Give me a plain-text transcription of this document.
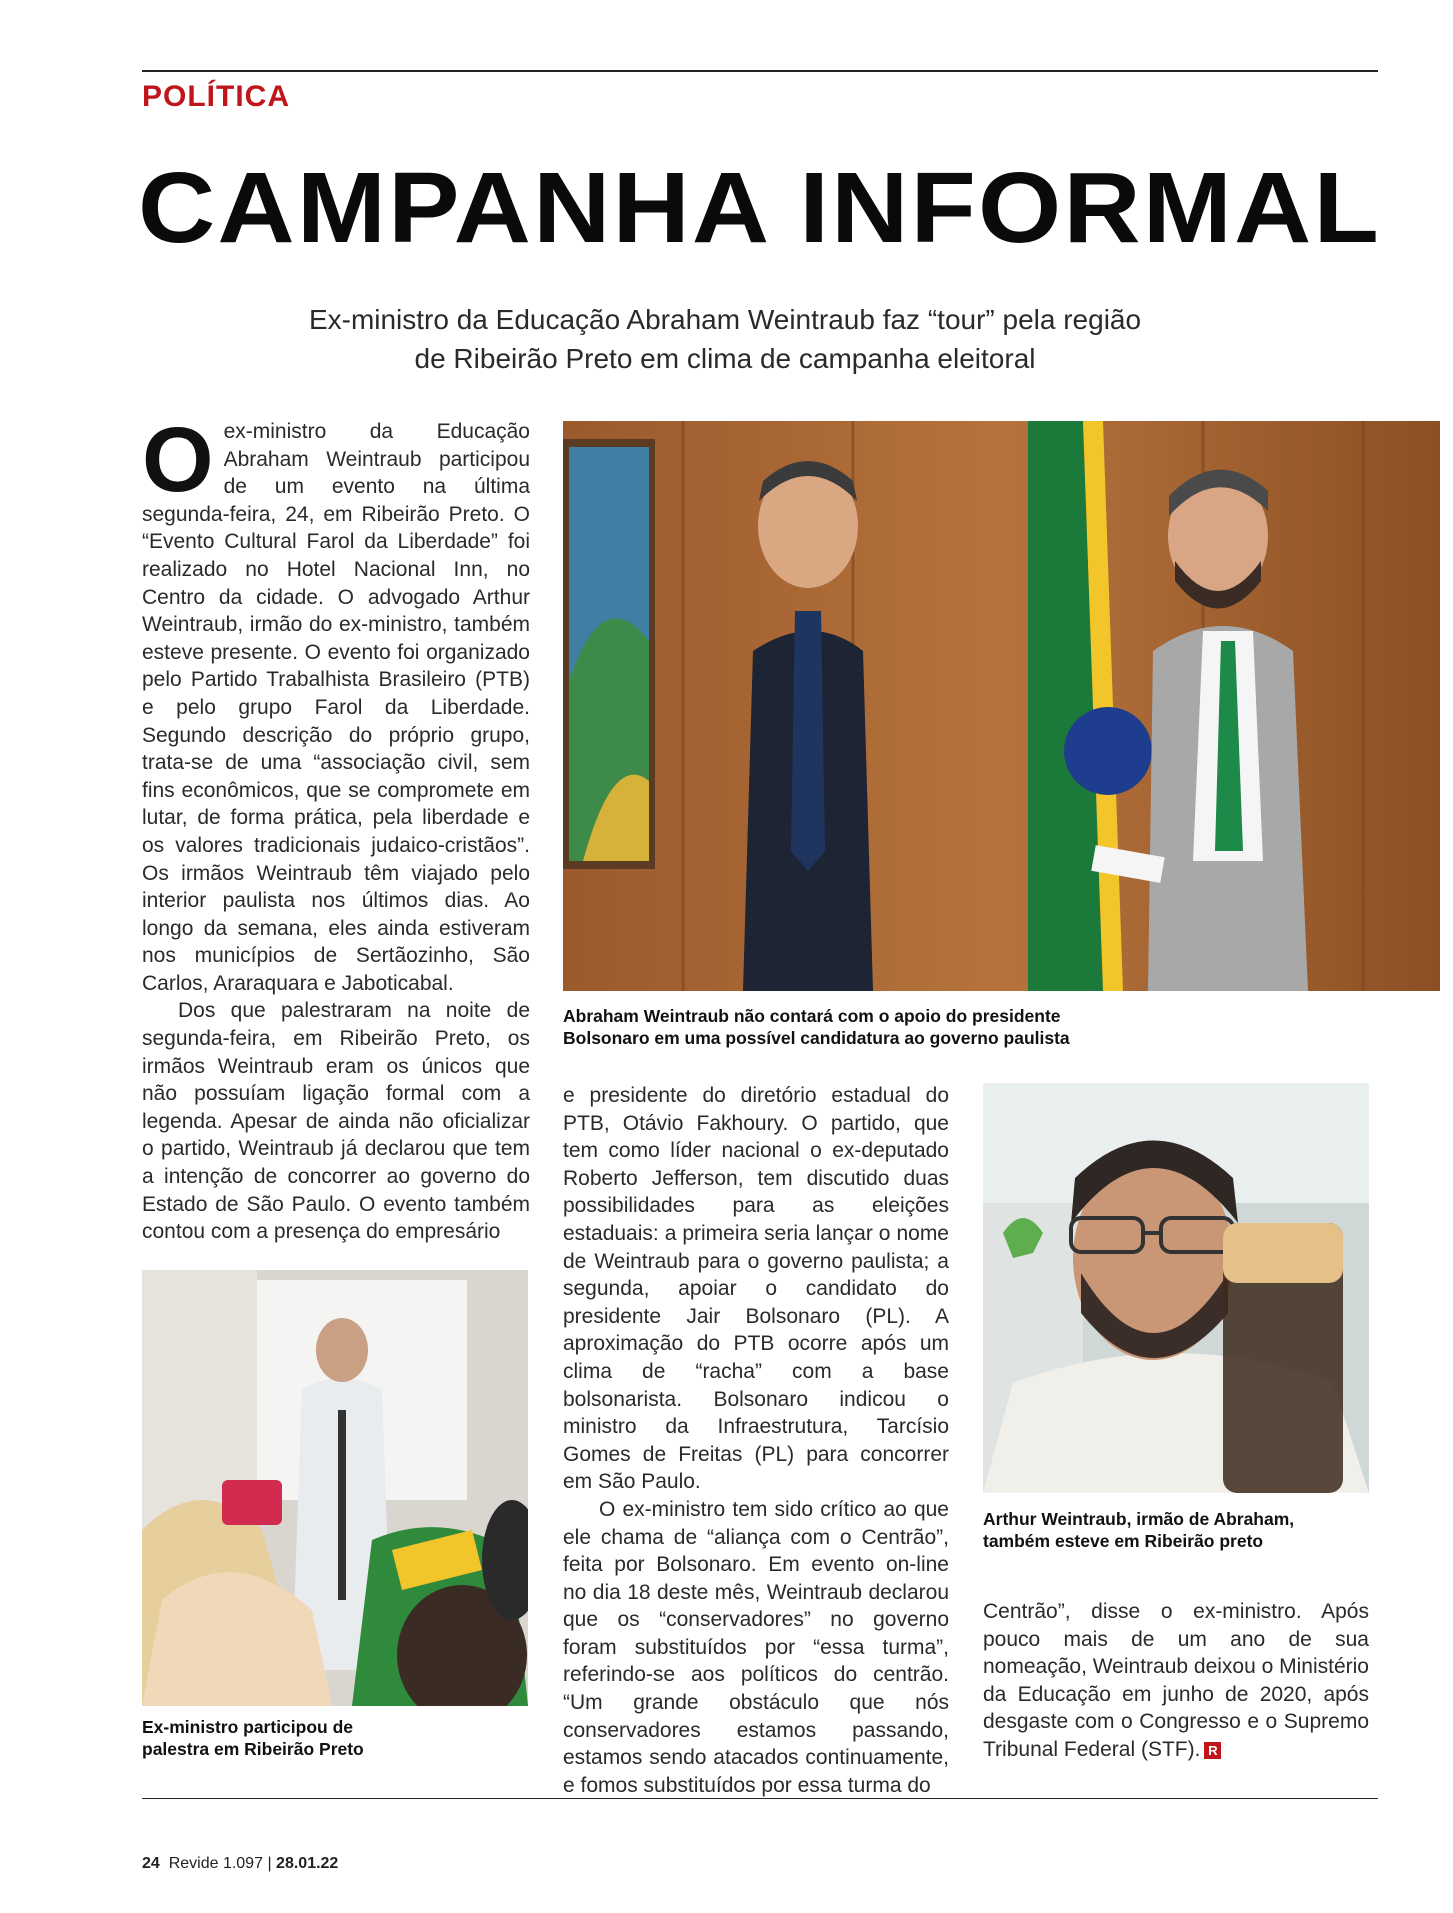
POLÍTICA
CAMPANHA INFORMAL
Ex-ministro da Educação Abraham Weintraub faz “tour” pela região de Ribeirão Preto em clima de campanha eleitoral

Oex-ministro da Educação Abraham Weintraub participou de um evento na última segunda-feira, 24, em Ribeirão Preto. O “Evento Cultural Farol da Liberdade” foi realizado no Hotel Nacional Inn, no Centro da cidade. O advogado Arthur Weintraub, irmão do ex-ministro, também esteve presente. O evento foi organizado pelo Partido Trabalhista Brasileiro (PTB) e pelo grupo Farol da Liberdade. Segundo descrição do próprio grupo, trata-se de uma “associação civil, sem fins econômicos, que se compromete em lutar, de forma prática, pela liberdade e os valores tradicionais judaico-cristãos”. Os irmãos Weintraub têm viajado pelo interior paulista nos últimos dias. Ao longo da semana, eles ainda estiveram nos municípios de Sertãozinho, São Carlos, Araraquara e Jaboticabal.

Dos que palestraram na noite de segunda-feira, em Ribeirão Preto, os irmãos Weintraub eram os únicos que não possuíam ligação formal com a legenda. Apesar de ainda não oficializar o partido, Weintraub já declarou que tem a intenção de concorrer ao governo do Estado de São Paulo. O evento também contou com a presença do empresário

Abraham Weintraub não contará com o apoio do presidente Bolsonaro em uma possível candidatura ao governo paulista

e presidente do diretório estadual do PTB, Otávio Fakhoury. O partido, que tem como líder nacional o ex-deputado Roberto Jefferson, tem discutido duas possibilidades para as eleições estaduais: a primeira seria lançar o nome de Weintraub para o governo paulista; a segunda, apoiar o candidato do presidente Jair Bolsonaro (PL). A aproximação do PTB ocorre após um clima de “racha” com a base bolsonarista. Bolsonaro indicou o ministro da Infraestrutura, Tarcísio Gomes de Freitas (PL) para concorrer em São Paulo.

O ex-ministro tem sido crítico ao que ele chama de “aliança com o Centrão”, feita por Bolsonaro. Em evento on-line no dia 18 deste mês, Weintraub declarou que os “conservadores” no governo foram substituídos por “essa turma”, referindo-se aos políticos do centrão. “Um grande obstáculo que nós conservadores estamos passando, estamos sendo atacados continuamente, e fomos substituídos por essa turma do

Ex-ministro participou de palestra em Ribeirão Preto
Arthur Weintraub, irmão de Abraham, também esteve em Ribeirão preto

Centrão”, disse o ex-ministro. Após pouco mais de um ano de sua nomeação, Weintraub deixou o Ministério da Educação em junho de 2020, após desgaste com o Congresso e o Supremo Tribunal Federal (STF). R

24 Revide 1.097 | 28.01.22
